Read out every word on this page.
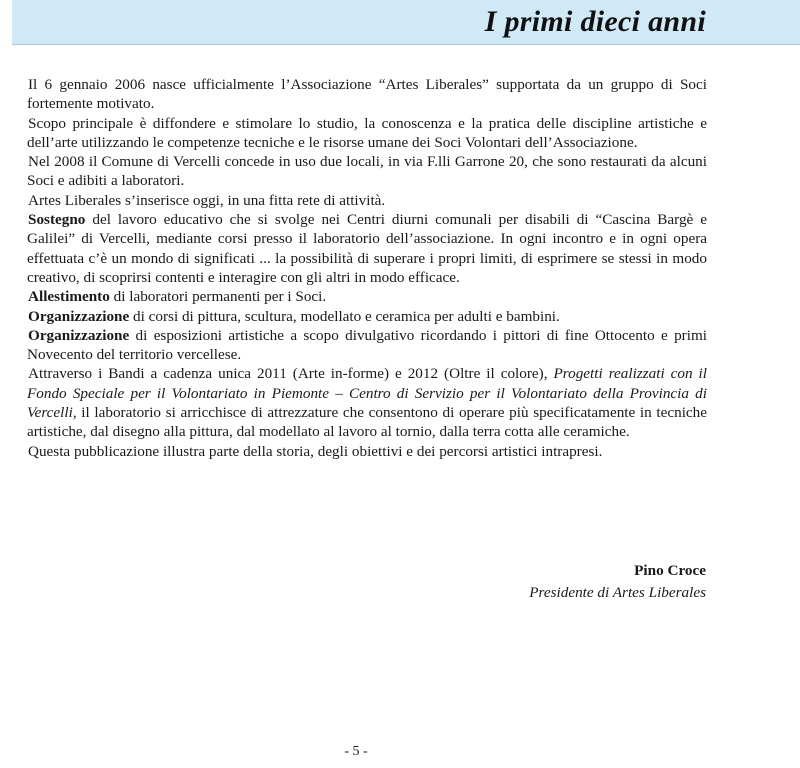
I primi dieci anni

Il 6 gennaio 2006 nasce ufficialmente l’Associazione “Artes Liberales” supportata da un gruppo di Soci fortemente motivato.

Scopo principale è diffondere e stimolare lo studio, la conoscenza e la pratica delle discipline artistiche e dell’arte utilizzando le competenze tecniche e le risorse umane dei Soci Volontari dell’Associazione.

Nel 2008 il Comune di Vercelli concede in uso due locali, in via F.lli Garrone 20, che sono restaurati da alcuni Soci e adibiti a laboratori.

Artes Liberales s’inserisce oggi, in una fitta rete di attività.

Sostegno del lavoro educativo che si svolge nei Centri diurni comunali per disabili di “Cascina Bargè e Galilei” di Vercelli, mediante corsi presso il laboratorio dell’associazione. In ogni incontro e in ogni opera effettuata c’è un mondo di significati ... la possibilità di superare i propri limiti, di esprimere se stessi in modo creativo, di scoprirsi contenti e interagire con gli altri in modo efficace.

Allestimento di laboratori permanenti per i Soci.

Organizzazione di corsi di pittura, scultura, modellato e ceramica per adulti e bambini.

Organizzazione di esposizioni artistiche a scopo divulgativo ricordando i pittori di fine Ottocento e primi Novecento del territorio vercellese.

Attraverso i Bandi a cadenza unica 2011 (Arte in-forme) e 2012 (Oltre il colore), Progetti realizzati con il Fondo Speciale per il Volontariato in Piemonte – Centro di Servizio per il Volontariato della Provincia di Vercelli, il laboratorio si arricchisce di attrezzature che consentono di operare più specificatamente in tecniche artistiche, dal disegno alla pittura, dal modellato al lavoro al tornio, dalla terra cotta alle ceramiche.

Questa pubblicazione illustra parte della storia, degli obiettivi e dei percorsi artistici intrapresi.

Pino Croce
Presidente di Artes Liberales
- 5 -
